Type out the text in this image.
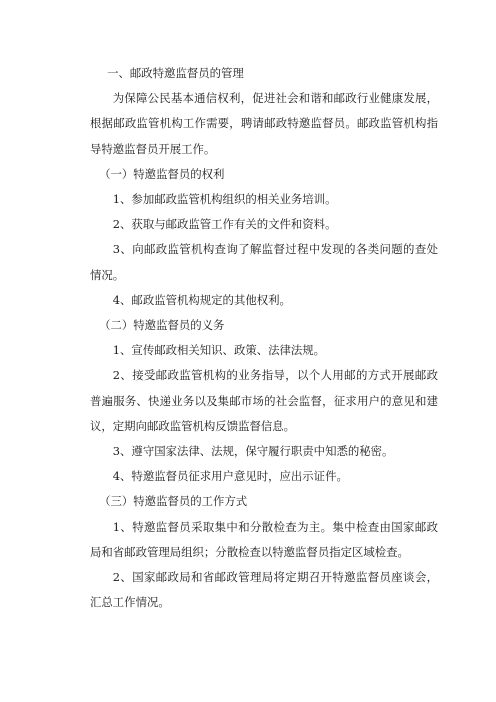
一、邮政特邀监督员的管理

为保障公民基本通信权利，促进社会和谐和邮政行业健康发展，根据邮政监管机构工作需要，聘请邮政特邀监督员。邮政监管机构指导特邀监督员开展工作。

（一）特邀监督员的权利

1、参加邮政监管机构组织的相关业务培训。

2、获取与邮政监管工作有关的文件和资料。

3、向邮政监管机构查询了解监督过程中发现的各类问题的查处情况。

4、邮政监管机构规定的其他权利。

（二）特邀监督员的义务

1、宣传邮政相关知识、政策、法律法规。

2、接受邮政监管机构的业务指导，以个人用邮的方式开展邮政普遍服务、快递业务以及集邮市场的社会监督，征求用户的意见和建议，定期向邮政监管机构反馈监督信息。

3、遵守国家法律、法规，保守履行职责中知悉的秘密。

4、特邀监督员征求用户意见时，应出示证件。

（三）特邀监督员的工作方式

1、特邀监督员采取集中和分散检查为主。集中检查由国家邮政局和省邮政管理局组织；分散检查以特邀监督员指定区域检查。

2、国家邮政局和省邮政管理局将定期召开特邀监督员座谈会，汇总工作情况。
